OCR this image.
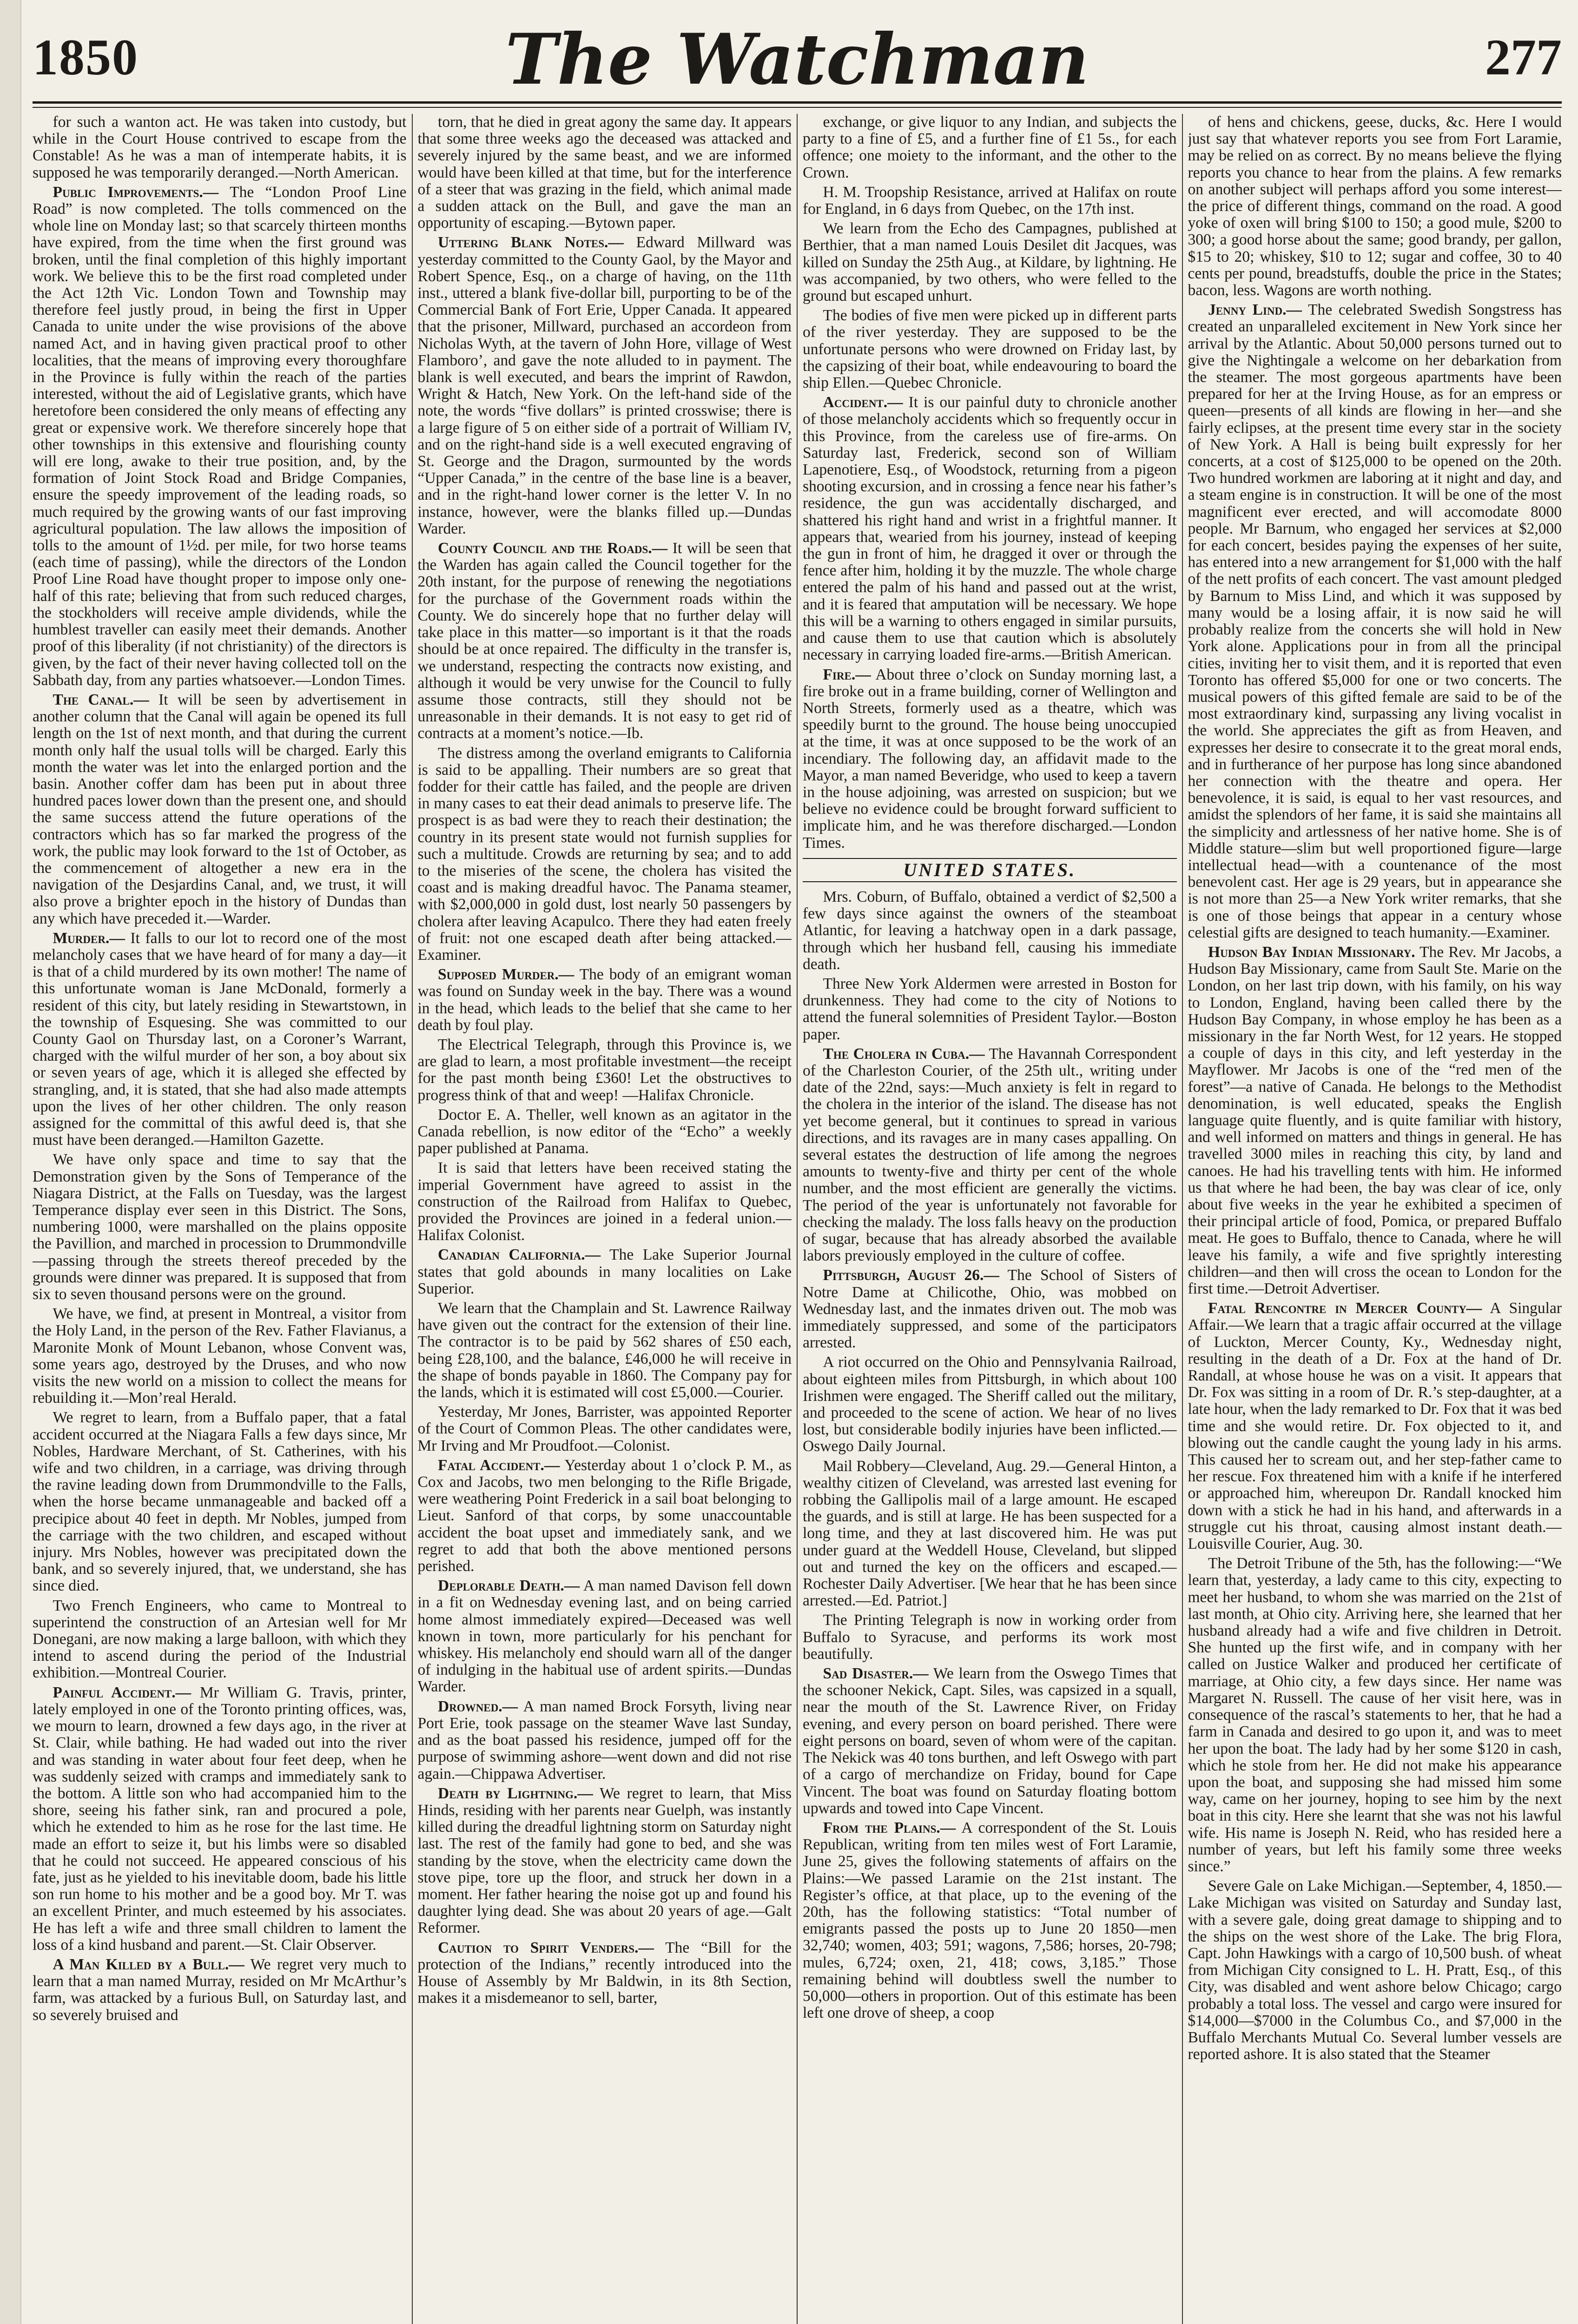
1850	The Watchman	277

for such a wanton act. He was taken into custody, but while in the Court House contrived to escape from the Constable! As he was a man of intemperate habits, it is supposed he was temporarily deranged.—North American.

Public Improvements.— The “London Proof Line Road” is now completed. The tolls commenced on the whole line on Monday last; so that scarcely thirteen months have expired, from the time when the first ground was broken, until the final completion of this highly important work. We believe this to be the first road completed under the Act 12th Vic. London Town and Township may therefore feel justly proud, in being the first in Upper Canada to unite under the wise provisions of the above named Act, and in having given practical proof to other localities, that the means of improving every thoroughfare in the Province is fully within the reach of the parties interested, without the aid of Legislative grants, which have heretofore been considered the only means of effecting any great or expensive work. We therefore sincerely hope that other townships in this extensive and flourishing county will ere long, awake to their true position, and, by the formation of Joint Stock Road and Bridge Companies, ensure the speedy improvement of the leading roads, so much required by the growing wants of our fast improving agricultural population. The law allows the imposition of tolls to the amount of 1½d. per mile, for two horse teams (each time of passing), while the directors of the London Proof Line Road have thought proper to impose only one-half of this rate; believing that from such reduced charges, the stockholders will receive ample dividends, while the humblest traveller can easily meet their demands. Another proof of this liberality (if not christianity) of the directors is given, by the fact of their never having collected toll on the Sabbath day, from any parties whatsoever.—London Times.

The Canal.— It will be seen by advertisement in another column that the Canal will again be opened its full length on the 1st of next month, and that during the current month only half the usual tolls will be charged. Early this month the water was let into the enlarged portion and the basin. Another coffer dam has been put in about three hundred paces lower down than the present one, and should the same success attend the future operations of the contractors which has so far marked the progress of the work, the public may look forward to the 1st of October, as the commencement of altogether a new era in the navigation of the Desjardins Canal, and, we trust, it will also prove a brighter epoch in the history of Dundas than any which have preceded it.—Warder.

Murder.— It falls to our lot to record one of the most melancholy cases that we have heard of for many a day—it is that of a child murdered by its own mother! The name of this unfortunate woman is Jane McDonald, formerly a resident of this city, but lately residing in Stewartstown, in the township of Esquesing. She was committed to our County Gaol on Thursday last, on a Coroner’s Warrant, charged with the wilful murder of her son, a boy about six or seven years of age, which it is alleged she effected by strangling, and, it is stated, that she had also made attempts upon the lives of her other children. The only reason assigned for the committal of this awful deed is, that she must have been deranged.—Hamilton Gazette.

We have only space and time to say that the Demonstration given by the Sons of Temperance of the Niagara District, at the Falls on Tuesday, was the largest Temperance display ever seen in this District. The Sons, numbering 1000, were marshalled on the plains opposite the Pavillion, and marched in procession to Drummondville—passing through the streets thereof preceded by the grounds were dinner was prepared. It is supposed that from six to seven thousand persons were on the ground.

We have, we find, at present in Montreal, a visitor from the Holy Land, in the person of the Rev. Father Flavianus, a Maronite Monk of Mount Lebanon, whose Convent was, some years ago, destroyed by the Druses, and who now visits the new world on a mission to collect the means for rebuilding it.—Mon’real Herald.

We regret to learn, from a Buffalo paper, that a fatal accident occurred at the Niagara Falls a few days since, Mr Nobles, Hardware Merchant, of St. Catherines, with his wife and two children, in a carriage, was driving through the ravine leading down from Drummondville to the Falls, when the horse became unmanageable and backed off a precipice about 40 feet in depth. Mr Nobles, jumped from the carriage with the two children, and escaped without injury. Mrs Nobles, however was precipitated down the bank, and so severely injured, that, we understand, she has since died.

Two French Engineers, who came to Montreal to superintend the construction of an Artesian well for Mr Donegani, are now making a large balloon, with which they intend to ascend during the period of the Industrial exhibition.—Montreal Courier.

Painful Accident.— Mr William G. Travis, printer, lately employed in one of the Toronto printing offices, was, we mourn to learn, drowned a few days ago, in the river at St. Clair, while bathing. He had waded out into the river and was standing in water about four feet deep, when he was suddenly seized with cramps and immediately sank to the bottom. A little son who had accompanied him to the shore, seeing his father sink, ran and procured a pole, which he extended to him as he rose for the last time. He made an effort to seize it, but his limbs were so disabled that he could not succeed. He appeared conscious of his fate, just as he yielded to his inevitable doom, bade his little son run home to his mother and be a good boy. Mr T. was an excellent Printer, and much esteemed by his associates. He has left a wife and three small children to lament the loss of a kind husband and parent.—St. Clair Observer.

A Man Killed by a Bull.— We regret very much to learn that a man named Murray, resided on Mr McArthur’s farm, was attacked by a furious Bull, on Saturday last, and so severely bruised and

torn, that he died in great agony the same day. It appears that some three weeks ago the deceased was attacked and severely injured by the same beast, and we are informed would have been killed at that time, but for the interference of a steer that was grazing in the field, which animal made a sudden attack on the Bull, and gave the man an opportunity of escaping.—Bytown paper.

Uttering Blank Notes.— Edward Millward was yesterday committed to the County Gaol, by the Mayor and Robert Spence, Esq., on a charge of having, on the 11th inst., uttered a blank five-dollar bill, purporting to be of the Commercial Bank of Fort Erie, Upper Canada. It appeared that the prisoner, Millward, purchased an accordeon from Nicholas Wyth, at the tavern of John Hore, village of West Flamboro’, and gave the note alluded to in payment. The blank is well executed, and bears the imprint of Rawdon, Wright & Hatch, New York. On the left-hand side of the note, the words “five dollars” is printed crosswise; there is a large figure of 5 on either side of a portrait of William IV, and on the right-hand side is a well executed engraving of St. George and the Dragon, surmounted by the words “Upper Canada,” in the centre of the base line is a beaver, and in the right-hand lower corner is the letter V. In no instance, however, were the blanks filled up.—Dundas Warder.

County Council and the Roads.— It will be seen that the Warden has again called the Council together for the 20th instant, for the purpose of renewing the negotiations for the purchase of the Government roads within the County. We do sincerely hope that no further delay will take place in this matter—so important is it that the roads should be at once repaired. The difficulty in the transfer is, we understand, respecting the contracts now existing, and although it would be very unwise for the Council to fully assume those contracts, still they should not be unreasonable in their demands. It is not easy to get rid of contracts at a moment’s notice.—Ib.

The distress among the overland emigrants to California is said to be appalling. Their numbers are so great that fodder for their cattle has failed, and the people are driven in many cases to eat their dead animals to preserve life. The prospect is as bad were they to reach their destination; the country in its present state would not furnish supplies for such a multitude. Crowds are returning by sea; and to add to the miseries of the scene, the cholera has visited the coast and is making dreadful havoc. The Panama steamer, with $2,000,000 in gold dust, lost nearly 50 passengers by cholera after leaving Acapulco. There they had eaten freely of fruit: not one escaped death after being attacked.—Examiner.

Supposed Murder.— The body of an emigrant woman was found on Sunday week in the bay. There was a wound in the head, which leads to the belief that she came to her death by foul play.

The Electrical Telegraph, through this Province is, we are glad to learn, a most profitable investment—the receipt for the past month being £360! Let the obstructives to progress think of that and weep! —Halifax Chronicle.

Doctor E. A. Theller, well known as an agitator in the Canada rebellion, is now editor of the “Echo” a weekly paper published at Panama.

It is said that letters have been received stating the imperial Government have agreed to assist in the construction of the Railroad from Halifax to Quebec, provided the Provinces are joined in a federal union.—Halifax Colonist.

Canadian California.— The Lake Superior Journal states that gold abounds in many localities on Lake Superior.

We learn that the Champlain and St. Lawrence Railway have given out the contract for the extension of their line. The contractor is to be paid by 562 shares of £50 each, being £28,100, and the balance, £46,000 he will receive in the shape of bonds payable in 1860. The Company pay for the lands, which it is estimated will cost £5,000.—Courier.

Yesterday, Mr Jones, Barrister, was appointed Reporter of the Court of Common Pleas. The other candidates were, Mr Irving and Mr Proudfoot.—Colonist.

Fatal Accident.— Yesterday about 1 o’clock P. M., as Cox and Jacobs, two men belonging to the Rifle Brigade, were weathering Point Frederick in a sail boat belonging to Lieut. Sanford of that corps, by some unaccountable accident the boat upset and immediately sank, and we regret to add that both the above mentioned persons perished.

Deplorable Death.— A man named Davison fell down in a fit on Wednesday evening last, and on being carried home almost immediately expired—Deceased was well known in town, more particularly for his penchant for whiskey. His melancholy end should warn all of the danger of indulging in the habitual use of ardent spirits.—Dundas Warder.

Drowned.— A man named Brock Forsyth, living near Port Erie, took passage on the steamer Wave last Sunday, and as the boat passed his residence, jumped off for the purpose of swimming ashore—went down and did not rise again.—Chippawa Advertiser.

Death by Lightning.— We regret to learn, that Miss Hinds, residing with her parents near Guelph, was instantly killed during the dreadful lightning storm on Saturday night last. The rest of the family had gone to bed, and she was standing by the stove, when the electricity came down the stove pipe, tore up the floor, and struck her down in a moment. Her father hearing the noise got up and found his daughter lying dead. She was about 20 years of age.—Galt Reformer.

Caution to Spirit Venders.— The “Bill for the protection of the Indians,” recently introduced into the House of Assembly by Mr Baldwin, in its 8th Section, makes it a misdemeanor to sell, barter,

exchange, or give liquor to any Indian, and subjects the party to a fine of £5, and a further fine of £1 5s., for each offence; one moiety to the informant, and the other to the Crown.

H. M. Troopship Resistance, arrived at Halifax on route for England, in 6 days from Quebec, on the 17th inst.

We learn from the Echo des Campagnes, published at Berthier, that a man named Louis Desilet dit Jacques, was killed on Sunday the 25th Aug., at Kildare, by lightning. He was accompanied, by two others, who were felled to the ground but escaped unhurt.

The bodies of five men were picked up in different parts of the river yesterday. They are supposed to be the unfortunate persons who were drowned on Friday last, by the capsizing of their boat, while endeavouring to board the ship Ellen.—Quebec Chronicle.

Accident.— It is our painful duty to chronicle another of those melancholy accidents which so frequently occur in this Province, from the careless use of fire-arms. On Saturday last, Frederick, second son of William Lapenotiere, Esq., of Woodstock, returning from a pigeon shooting excursion, and in crossing a fence near his father’s residence, the gun was accidentally discharged, and shattered his right hand and wrist in a frightful manner. It appears that, wearied from his journey, instead of keeping the gun in front of him, he dragged it over or through the fence after him, holding it by the muzzle. The whole charge entered the palm of his hand and passed out at the wrist, and it is feared that amputation will be necessary. We hope this will be a warning to others engaged in similar pursuits, and cause them to use that caution which is absolutely necessary in carrying loaded fire-arms.—British American.

Fire.— About three o’clock on Sunday morning last, a fire broke out in a frame building, corner of Wellington and North Streets, formerly used as a theatre, which was speedily burnt to the ground. The house being unoccupied at the time, it was at once supposed to be the work of an incendiary. The following day, an affidavit made to the Mayor, a man named Beveridge, who used to keep a tavern in the house adjoining, was arrested on suspicion; but we believe no evidence could be brought forward sufficient to implicate him, and he was therefore discharged.—London Times.

UNITED STATES.

Mrs. Coburn, of Buffalo, obtained a verdict of $2,500 a few days since against the owners of the steamboat Atlantic, for leaving a hatchway open in a dark passage, through which her husband fell, causing his immediate death.

Three New York Aldermen were arrested in Boston for drunkenness. They had come to the city of Notions to attend the funeral solemnities of President Taylor.—Boston paper.

The Cholera in Cuba.— The Havannah Correspondent of the Charleston Courier, of the 25th ult., writing under date of the 22nd, says:—Much anxiety is felt in regard to the cholera in the interior of the island. The disease has not yet become general, but it continues to spread in various directions, and its ravages are in many cases appalling. On several estates the destruction of life among the negroes amounts to twenty-five and thirty per cent of the whole number, and the most efficient are generally the victims. The period of the year is unfortunately not favorable for checking the malady. The loss falls heavy on the production of sugar, because that has already absorbed the available labors previously employed in the culture of coffee.

Pittsburgh, August 26.— The School of Sisters of Notre Dame at Chilicothe, Ohio, was mobbed on Wednesday last, and the inmates driven out. The mob was immediately suppressed, and some of the participators arrested.

A riot occurred on the Ohio and Pennsylvania Railroad, about eighteen miles from Pittsburgh, in which about 100 Irishmen were engaged. The Sheriff called out the military, and proceeded to the scene of action. We hear of no lives lost, but considerable bodily injuries have been inflicted.—Oswego Daily Journal.

Mail Robbery—Cleveland, Aug. 29.—General Hinton, a wealthy citizen of Cleveland, was arrested last evening for robbing the Gallipolis mail of a large amount. He escaped the guards, and is still at large. He has been suspected for a long time, and they at last discovered him. He was put under guard at the Weddell House, Cleveland, but slipped out and turned the key on the officers and escaped.—Rochester Daily Advertiser. [We hear that he has been since arrested.—Ed. Patriot.]

The Printing Telegraph is now in working order from Buffalo to Syracuse, and performs its work most beautifully.

Sad Disaster.— We learn from the Oswego Times that the schooner Nekick, Capt. Siles, was capsized in a squall, near the mouth of the St. Lawrence River, on Friday evening, and every person on board perished. There were eight persons on board, seven of whom were of the capitan. The Nekick was 40 tons burthen, and left Oswego with part of a cargo of merchandize on Friday, bound for Cape Vincent. The boat was found on Saturday floating bottom upwards and towed into Cape Vincent.

From the Plains.— A correspondent of the St. Louis Republican, writing from ten miles west of Fort Laramie, June 25, gives the following statements of affairs on the Plains:—We passed Laramie on the 21st instant. The Register’s office, at that place, up to the evening of the 20th, has the following statistics: “Total number of emigrants passed the posts up to June 20 1850—men 32,740; women, 403; 591; wagons, 7,586; horses, 20-798; mules, 6,724; oxen, 21, 418; cows, 3,185.” Those remaining behind will doubtless swell the number to 50,000—others in proportion. Out of this estimate has been left one drove of sheep, a coop

of hens and chickens, geese, ducks, &c. Here I would just say that whatever reports you see from Fort Laramie, may be relied on as correct. By no means believe the flying reports you chance to hear from the plains. A few remarks on another subject will perhaps afford you some interest—the price of different things, command on the road. A good yoke of oxen will bring $100 to 150; a good mule, $200 to 300; a good horse about the same; good brandy, per gallon, $15 to 20; whiskey, $10 to 12; sugar and coffee, 30 to 40 cents per pound, breadstuffs, double the price in the States; bacon, less. Wagons are worth nothing.

Jenny Lind.— The celebrated Swedish Songstress has created an unparalleled excitement in New York since her arrival by the Atlantic. About 50,000 persons turned out to give the Nightingale a welcome on her debarkation from the steamer. The most gorgeous apartments have been prepared for her at the Irving House, as for an empress or queen—presents of all kinds are flowing in her—and she fairly eclipses, at the present time every star in the society of New York. A Hall is being built expressly for her concerts, at a cost of $125,000 to be opened on the 20th. Two hundred workmen are laboring at it night and day, and a steam engine is in construction. It will be one of the most magnificent ever erected, and will accomodate 8000 people. Mr Barnum, who engaged her services at $2,000 for each concert, besides paying the expenses of her suite, has entered into a new arrangement for $1,000 with the half of the nett profits of each concert. The vast amount pledged by Barnum to Miss Lind, and which it was supposed by many would be a losing affair, it is now said he will probably realize from the concerts she will hold in New York alone. Applications pour in from all the principal cities, inviting her to visit them, and it is reported that even Toronto has offered $5,000 for one or two concerts. The musical powers of this gifted female are said to be of the most extraordinary kind, surpassing any living vocalist in the world. She appreciates the gift as from Heaven, and expresses her desire to consecrate it to the great moral ends, and in furtherance of her purpose has long since abandoned her connection with the theatre and opera. Her benevolence, it is said, is equal to her vast resources, and amidst the splendors of her fame, it is said she maintains all the simplicity and artlessness of her native home. She is of Middle stature—slim but well proportioned figure—large intellectual head—with a countenance of the most benevolent cast. Her age is 29 years, but in appearance she is not more than 25—a New York writer remarks, that she is one of those beings that appear in a century whose celestial gifts are designed to teach humanity.—Examiner.

Hudson Bay Indian Missionary. The Rev. Mr Jacobs, a Hudson Bay Missionary, came from Sault Ste. Marie on the London, on her last trip down, with his family, on his way to London, England, having been called there by the Hudson Bay Company, in whose employ he has been as a missionary in the far North West, for 12 years. He stopped a couple of days in this city, and left yesterday in the Mayflower. Mr Jacobs is one of the “red men of the forest”—a native of Canada. He belongs to the Methodist denomination, is well educated, speaks the English language quite fluently, and is quite familiar with history, and well informed on matters and things in general. He has travelled 3000 miles in reaching this city, by land and canoes. He had his travelling tents with him. He informed us that where he had been, the bay was clear of ice, only about five weeks in the year he exhibited a specimen of their principal article of food, Pomica, or prepared Buffalo meat. He goes to Buffalo, thence to Canada, where he will leave his family, a wife and five sprightly interesting children—and then will cross the ocean to London for the first time.—Detroit Advertiser.

Fatal Rencontre in Mercer County— A Singular Affair.—We learn that a tragic affair occurred at the village of Luckton, Mercer County, Ky., Wednesday night, resulting in the death of a Dr. Fox at the hand of Dr. Randall, at whose house he was on a visit. It appears that Dr. Fox was sitting in a room of Dr. R.’s step-daughter, at a late hour, when the lady remarked to Dr. Fox that it was bed time and she would retire. Dr. Fox objected to it, and blowing out the candle caught the young lady in his arms. This caused her to scream out, and her step-father came to her rescue. Fox threatened him with a knife if he interfered or approached him, whereupon Dr. Randall knocked him down with a stick he had in his hand, and afterwards in a struggle cut his throat, causing almost instant death.—Louisville Courier, Aug. 30.

The Detroit Tribune of the 5th, has the following:—“We learn that, yesterday, a lady came to this city, expecting to meet her husband, to whom she was married on the 21st of last month, at Ohio city. Arriving here, she learned that her husband already had a wife and five children in Detroit. She hunted up the first wife, and in company with her called on Justice Walker and produced her certificate of marriage, at Ohio city, a few days since. Her name was Margaret N. Russell. The cause of her visit here, was in consequence of the rascal’s statements to her, that he had a farm in Canada and desired to go upon it, and was to meet her upon the boat. The lady had by her some $120 in cash, which he stole from her. He did not make his appearance upon the boat, and supposing she had missed him some way, came on her journey, hoping to see him by the next boat in this city. Here she learnt that she was not his lawful wife. His name is Joseph N. Reid, who has resided here a number of years, but left his family some three weeks since.”

Severe Gale on Lake Michigan.—September, 4, 1850.—Lake Michigan was visited on Saturday and Sunday last, with a severe gale, doing great damage to shipping and to the ships on the west shore of the Lake. The brig Flora, Capt. John Hawkings with a cargo of 10,500 bush. of wheat from Michigan City consigned to L. H. Pratt, Esq., of this City, was disabled and went ashore below Chicago; cargo probably a total loss. The vessel and cargo were insured for $14,000—$7000 in the Columbus Co., and $7,000 in the Buffalo Merchants Mutual Co. Several lumber vessels are reported ashore. It is also stated that the Steamer
